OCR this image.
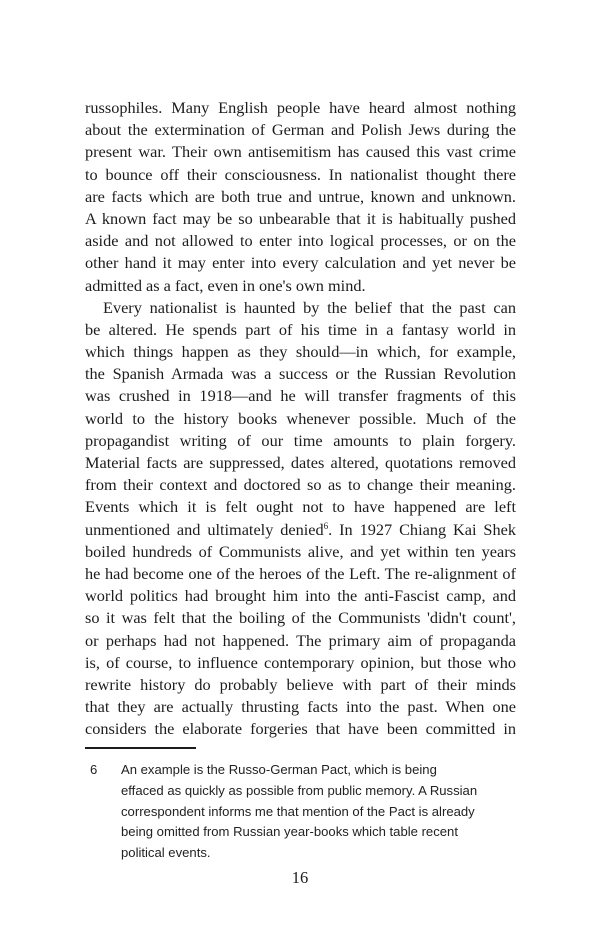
russophiles. Many English people have heard almost nothing
about the extermination of German and Polish Jews during the
present war. Their own antisemitism has caused this vast crime
to bounce off their consciousness. In nationalist thought there
are facts which are both true and untrue, known and unknown.
A known fact may be so unbearable that it is habitually pushed
aside and not allowed to enter into logical processes, or on the
other hand it may enter into every calculation and yet never be
admitted as a fact, even in one's own mind.
Every nationalist is haunted by the belief that the past can
be altered. He spends part of his time in a fantasy world in
which things happen as they should—in which, for example,
the Spanish Armada was a success or the Russian Revolution
was crushed in 1918—and he will transfer fragments of this
world to the history books whenever possible. Much of the
propagandist writing of our time amounts to plain forgery.
Material facts are suppressed, dates altered, quotations removed
from their context and doctored so as to change their meaning.
Events which it is felt ought not to have happened are left
unmentioned and ultimately denied$^6$. In 1927 Chiang Kai Shek
boiled hundreds of Communists alive, and yet within ten years
he had become one of the heroes of the Left. The re-alignment of
world politics had brought him into the anti-Fascist camp, and
so it was felt that the boiling of the Communists 'didn't count',
or perhaps had not happened. The primary aim of propaganda
is, of course, to influence contemporary opinion, but those who
rewrite history do probably believe with part of their minds
that they are actually thrusting facts into the past. When one
considers the elaborate forgeries that have been committed in
6 An example is the Russo-German Pact, which is being
effaced as quickly as possible from public memory. A Russian
correspondent informs me that mention of the Pact is already
being omitted from Russian year-books which table recent
political events.
16
